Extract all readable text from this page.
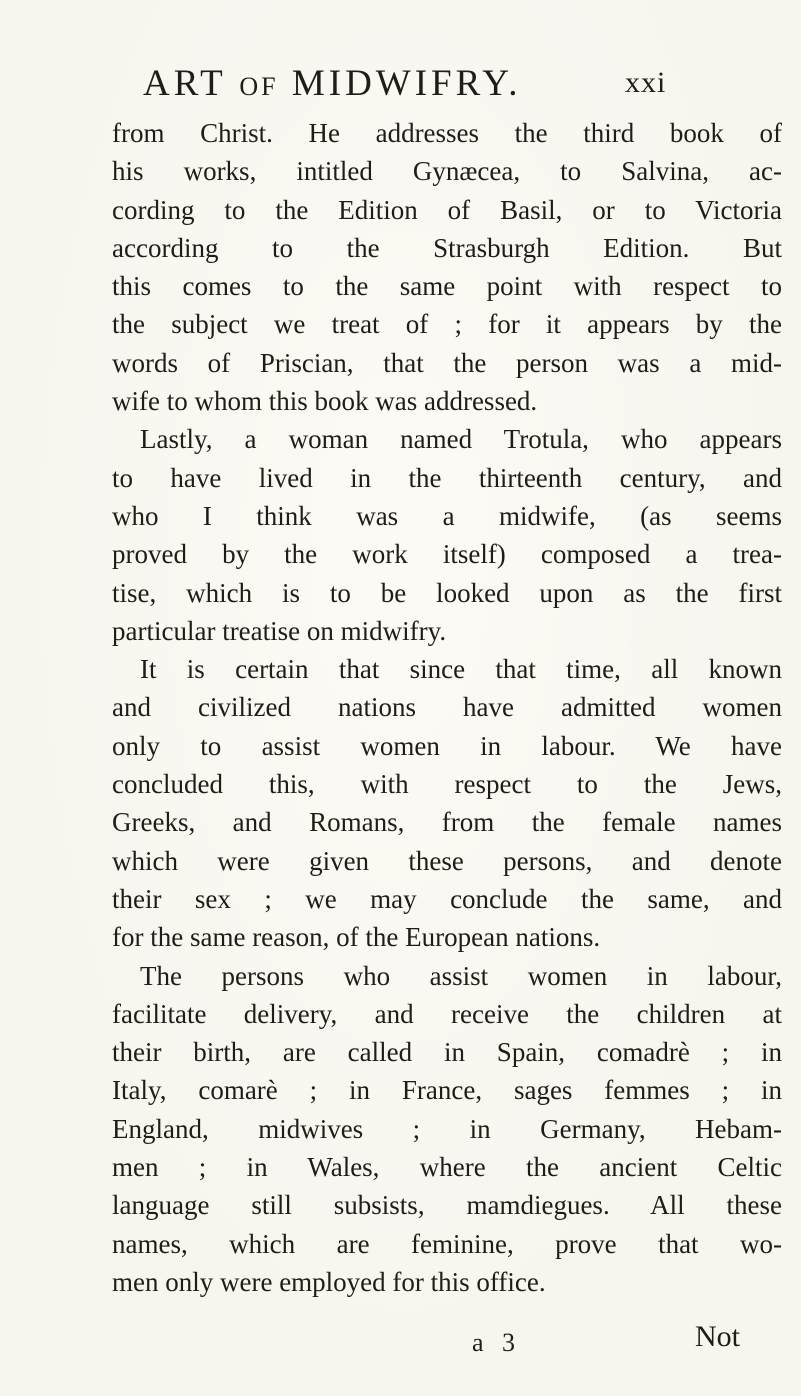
ART OF MIDWIFRY.	xxi
from Christ. He addresses the third book of
his works, intitled Gynæcea, to Salvina, ac-
cording to the Edition of Basil, or to Victoria
according to the Strasburgh Edition. But
this comes to the same point with respect to
the subject we treat of ; for it appears by the
words of Priscian, that the person was a mid-
wife to whom this book was addressed.
Lastly, a woman named Trotula, who appears
to have lived in the thirteenth century, and
who I think was a midwife, (as seems
proved by the work itself) composed a trea-
tise, which is to be looked upon as the first
particular treatise on midwifry.
It is certain that since that time, all known
and civilized nations have admitted women
only to assist women in labour. We have
concluded this, with respect to the Jews,
Greeks, and Romans, from the female names
which were given these persons, and denote
their sex ; we may conclude the same, and
for the same reason, of the European nations.
The persons who assist women in labour,
facilitate delivery, and receive the children at
their birth, are called in Spain, comadrè ; in
Italy, comarè ; in France, sages femmes ; in
England, midwives ; in Germany, Hebam-
men ; in Wales, where the ancient Celtic
language still subsists, mamdiegues. All these
names, which are feminine, prove that wo-
men only were employed for this office.
a 3	Not
